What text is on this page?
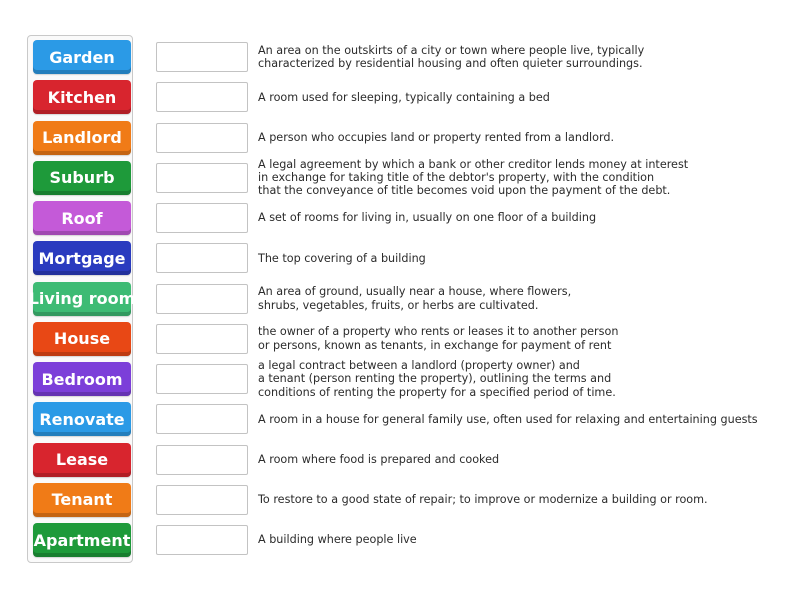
Garden
Kitchen
Landlord
Suburb
Roof
Mortgage
Living room
House
Bedroom
Renovate
Lease
Tenant
Apartment
An area on the outskirts of a city or town where people live, typically
characterized by residential housing and often quieter surroundings.
A room used for sleeping, typically containing a bed
A person who occupies land or property rented from a landlord.
A legal agreement by which a bank or other creditor lends money at interest
in exchange for taking title of the debtor's property, with the condition
that the conveyance of title becomes void upon the payment of the debt.
A set of rooms for living in, usually on one floor of a building
The top covering of a building
An area of ground, usually near a house, where flowers,
shrubs, vegetables, fruits, or herbs are cultivated.
the owner of a property who rents or leases it to another person
or persons, known as tenants, in exchange for payment of rent
a legal contract between a landlord (property owner) and
a tenant (person renting the property), outlining the terms and
conditions of renting the property for a specified period of time.
A room in a house for general family use, often used for relaxing and entertaining guests
A room where food is prepared and cooked
To restore to a good state of repair; to improve or modernize a building or room.
A building where people live
